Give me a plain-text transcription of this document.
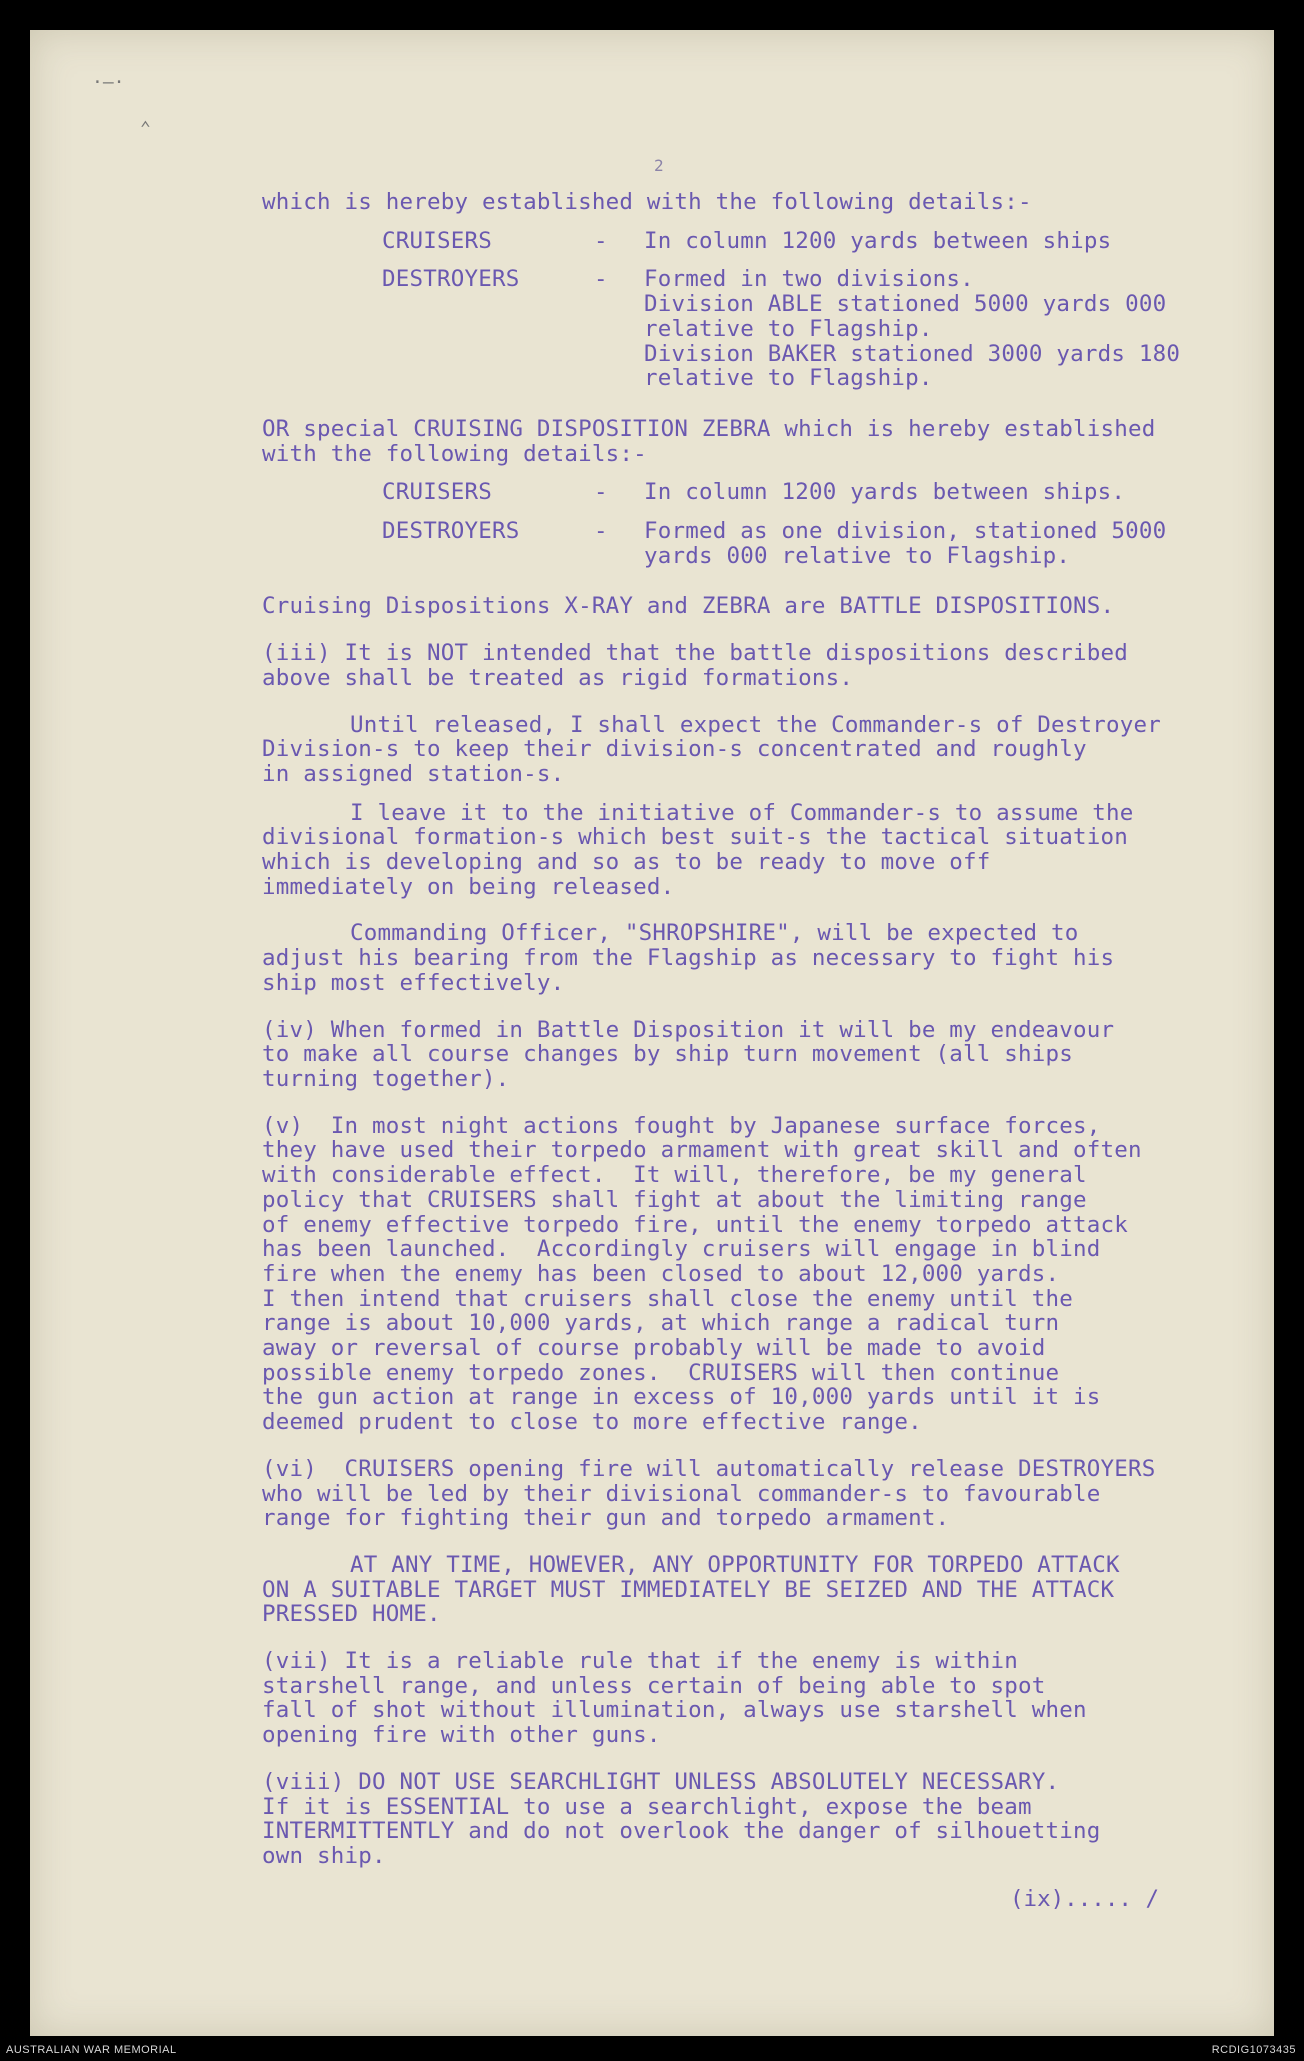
·–·
⌃
2

which is hereby established with the following details:-

CRUISERS	-	In column 1200 yards between ships
DESTROYERS	-	Formed in two divisions.
Division ABLE stationed 5000 yards 000
relative to Flagship.
Division BAKER stationed 3000 yards 180
relative to Flagship.

OR special CRUISING DISPOSITION ZEBRA which is hereby established
with the following details:-

CRUISERS	-	In column 1200 yards between ships.
DESTROYERS	-	Formed as one division, stationed 5000
yards 000 relative to Flagship.

Cruising Dispositions X-RAY and ZEBRA are BATTLE DISPOSITIONS.

(iii) It is NOT intended that the battle dispositions described
above shall be treated as rigid formations.

Until released, I shall expect the Commander-s of Destroyer
Division-s to keep their division-s concentrated and roughly
in assigned station-s.

I leave it to the initiative of Commander-s to assume the
divisional formation-s which best suit-s the tactical situation
which is developing and so as to be ready to move off
immediately on being released.

Commanding Officer, "SHROPSHIRE", will be expected to
adjust his bearing from the Flagship as necessary to fight his
ship most effectively.

(iv) When formed in Battle Disposition it will be my endeavour
to make all course changes by ship turn movement (all ships
turning together).

(v)  In most night actions fought by Japanese surface forces,
they have used their torpedo armament with great skill and often
with considerable effect.  It will, therefore, be my general
policy that CRUISERS shall fight at about the limiting range
of enemy effective torpedo fire, until the enemy torpedo attack
has been launched.  Accordingly cruisers will engage in blind
fire when the enemy has been closed to about 12,000 yards.
I then intend that cruisers shall close the enemy until the
range is about 10,000 yards, at which range a radical turn
away or reversal of course probably will be made to avoid
possible enemy torpedo zones.  CRUISERS will then continue
the gun action at range in excess of 10,000 yards until it is
deemed prudent to close to more effective range.

(vi)  CRUISERS opening fire will automatically release DESTROYERS
who will be led by their divisional commander-s to favourable
range for fighting their gun and torpedo armament.

AT ANY TIME, HOWEVER, ANY OPPORTUNITY FOR TORPEDO ATTACK
ON A SUITABLE TARGET MUST IMMEDIATELY BE SEIZED AND THE ATTACK
PRESSED HOME.

(vii) It is a reliable rule that if the enemy is within
starshell range, and unless certain of being able to spot
fall of shot without illumination, always use starshell when
opening fire with other guns.

(viii) DO NOT USE SEARCHLIGHT UNLESS ABSOLUTELY NECESSARY.
If it is ESSENTIAL to use a searchlight, expose the beam
INTERMITTENTLY and do not overlook the danger of silhouetting
own ship.

(ix)..... /
AUSTRALIAN WAR MEMORIAL	RCDIG1073435
